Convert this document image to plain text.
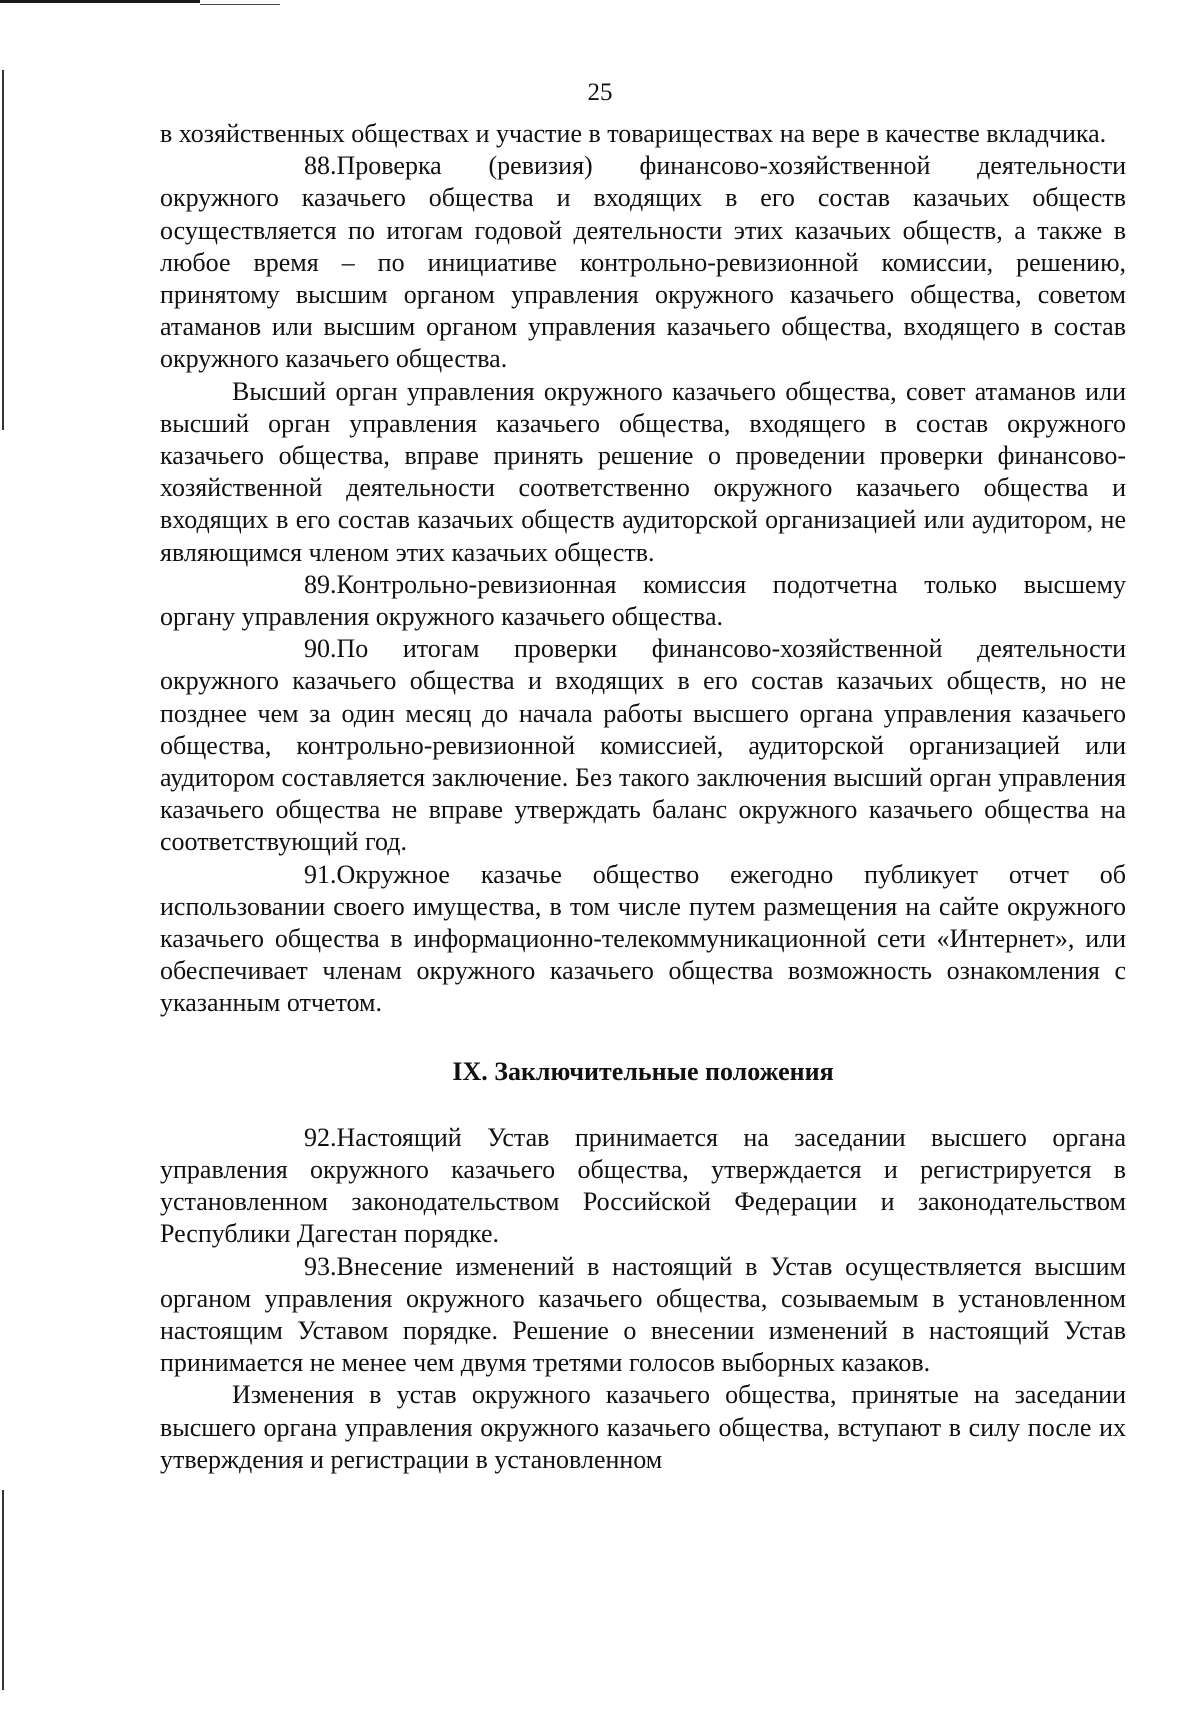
25

в хозяйственных обществах и участие в товариществах на вере в качестве вкладчика.

88.Проверка (ревизия) финансово-хозяйственной деятельности окружного казачьего общества и входящих в его состав казачьих обществ осуществляется по итогам годовой деятельности этих казачьих обществ, а также в любое время – по инициативе контрольно-ревизионной комиссии, решению, принятому высшим органом управления окружного казачьего общества, советом атаманов или высшим органом управления казачьего общества, входящего в состав окружного казачьего общества.

Высший орган управления окружного казачьего общества, совет атаманов или высший орган управления казачьего общества, входящего в состав окружного казачьего общества, вправе принять решение о проведении проверки финансово-хозяйственной деятельности соответственно окружного казачьего общества и входящих в его состав казачьих обществ аудиторской организацией или аудитором, не являющимся членом этих казачьих обществ.

89.Контрольно-ревизионная комиссия подотчетна только высшему органу управления окружного казачьего общества.

90.По итогам проверки финансово-хозяйственной деятельности окружного казачьего общества и входящих в его состав казачьих обществ, но не позднее чем за один месяц до начала работы высшего органа управления казачьего общества, контрольно-ревизионной комиссией, аудиторской организацией или аудитором составляется заключение. Без такого заключения высший орган управления казачьего общества не вправе утверждать баланс окружного казачьего общества на соответствующий год.

91.Окружное казачье общество ежегодно публикует отчет об использовании своего имущества, в том числе путем размещения на сайте окружного казачьего общества в информационно-телекоммуникационной сети «Интернет», или обеспечивает членам окружного казачьего общества возможность ознакомления с указанным отчетом.

IX. Заключительные положения

92.Настоящий Устав принимается на заседании высшего органа управления окружного казачьего общества, утверждается и регистрируется в установленном законодательством Российской Федерации и законодательством Республики Дагестан порядке.

93.Внесение изменений в настоящий в Устав осуществляется высшим органом управления окружного казачьего общества, созываемым в установленном настоящим Уставом порядке. Решение о внесении изменений в настоящий Устав принимается не менее чем двумя третями голосов выборных казаков.

Изменения в устав окружного казачьего общества, принятые на заседании высшего органа управления окружного казачьего общества, вступают в силу после их утверждения и регистрации в установленном
